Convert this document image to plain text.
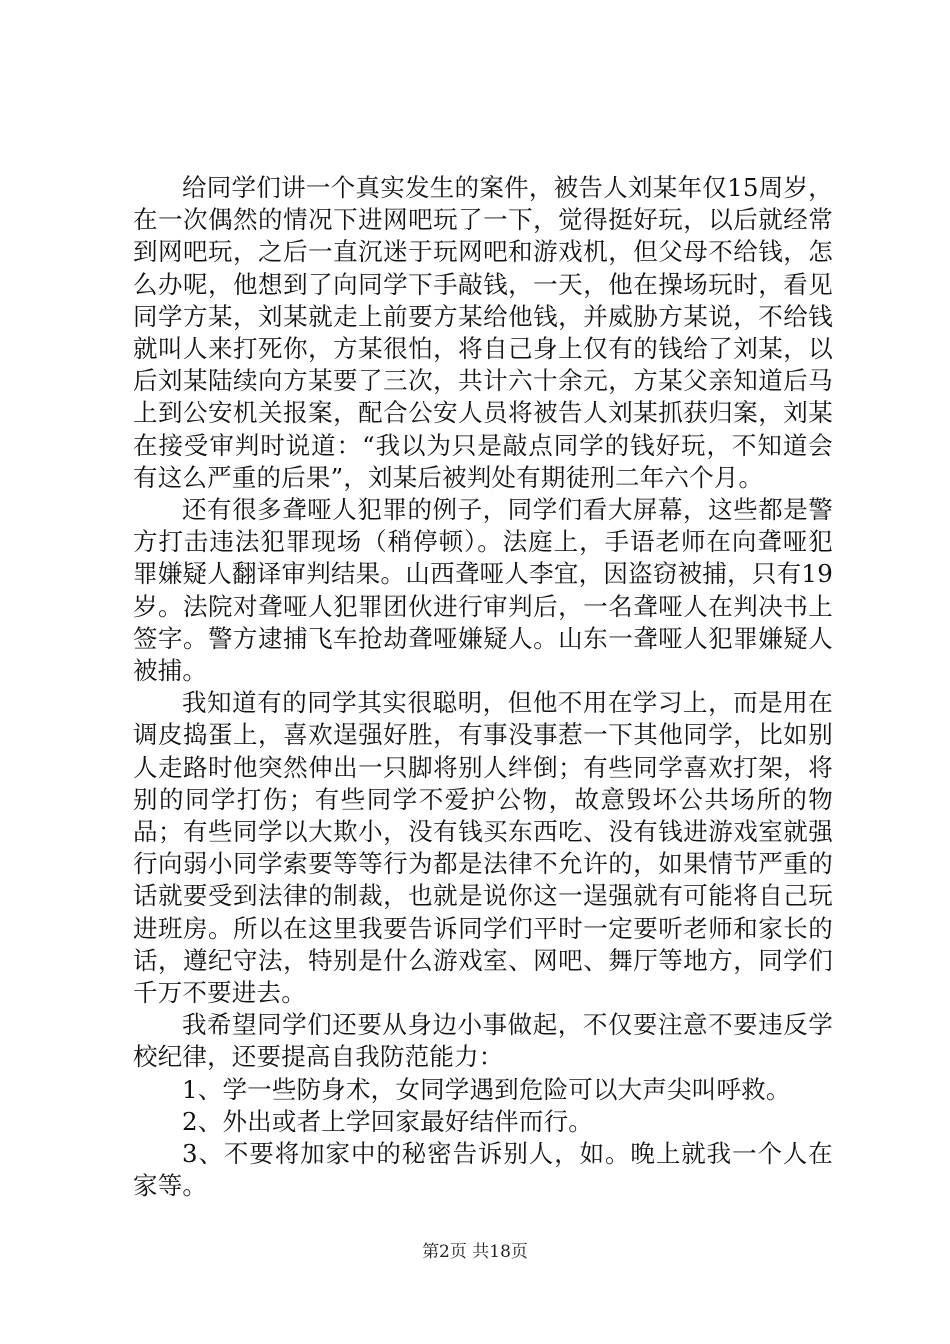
给同学们讲一个真实发生的案件，被告人刘某年仅15周岁，在一次偶然的情况下进网吧玩了一下，觉得挺好玩，以后就经常到网吧玩，之后一直沉迷于玩网吧和游戏机，但父母不给钱，怎么办呢，他想到了向同学下手敲钱，一天，他在操场玩时，看见同学方某，刘某就走上前要方某给他钱，并威胁方某说，不给钱就叫人来打死你，方某很怕，将自己身上仅有的钱给了刘某，以后刘某陆续向方某要了三次，共计六十余元，方某父亲知道后马上到公安机关报案，配合公安人员将被告人刘某抓获归案，刘某在接受审判时说道：“我以为只是敲点同学的钱好玩，不知道会有这么严重的后果”，刘某后被判处有期徒刑二年六个月。

还有很多聋哑人犯罪的例子，同学们看大屏幕，这些都是警方打击违法犯罪现场（稍停顿）。法庭上，手语老师在向聋哑犯罪嫌疑人翻译审判结果。山西聋哑人李宜，因盗窃被捕，只有19岁。法院对聋哑人犯罪团伙进行审判后，一名聋哑人在判决书上签字。警方逮捕飞车抢劫聋哑嫌疑人。山东一聋哑人犯罪嫌疑人被捕。

我知道有的同学其实很聪明，但他不用在学习上，而是用在调皮捣蛋上，喜欢逞强好胜，有事没事惹一下其他同学，比如别人走路时他突然伸出一只脚将别人绊倒；有些同学喜欢打架，将别的同学打伤；有些同学不爱护公物，故意毁坏公共场所的物品；有些同学以大欺小，没有钱买东西吃、没有钱进游戏室就强行向弱小同学索要等等行为都是法律不允许的，如果情节严重的话就要受到法律的制裁，也就是说你这一逞强就有可能将自己玩进班房。所以在这里我要告诉同学们平时一定要听老师和家长的话，遵纪守法，特别是什么游戏室、网吧、舞厅等地方，同学们千万不要进去。

我希望同学们还要从身边小事做起，不仅要注意不要违反学校纪律，还要提高自我防范能力：

1、学一些防身术，女同学遇到危险可以大声尖叫呼救。

2、外出或者上学回家最好结伴而行。

3、不要将加家中的秘密告诉别人，如。晚上就我一个人在家等。

第2页 共18页
